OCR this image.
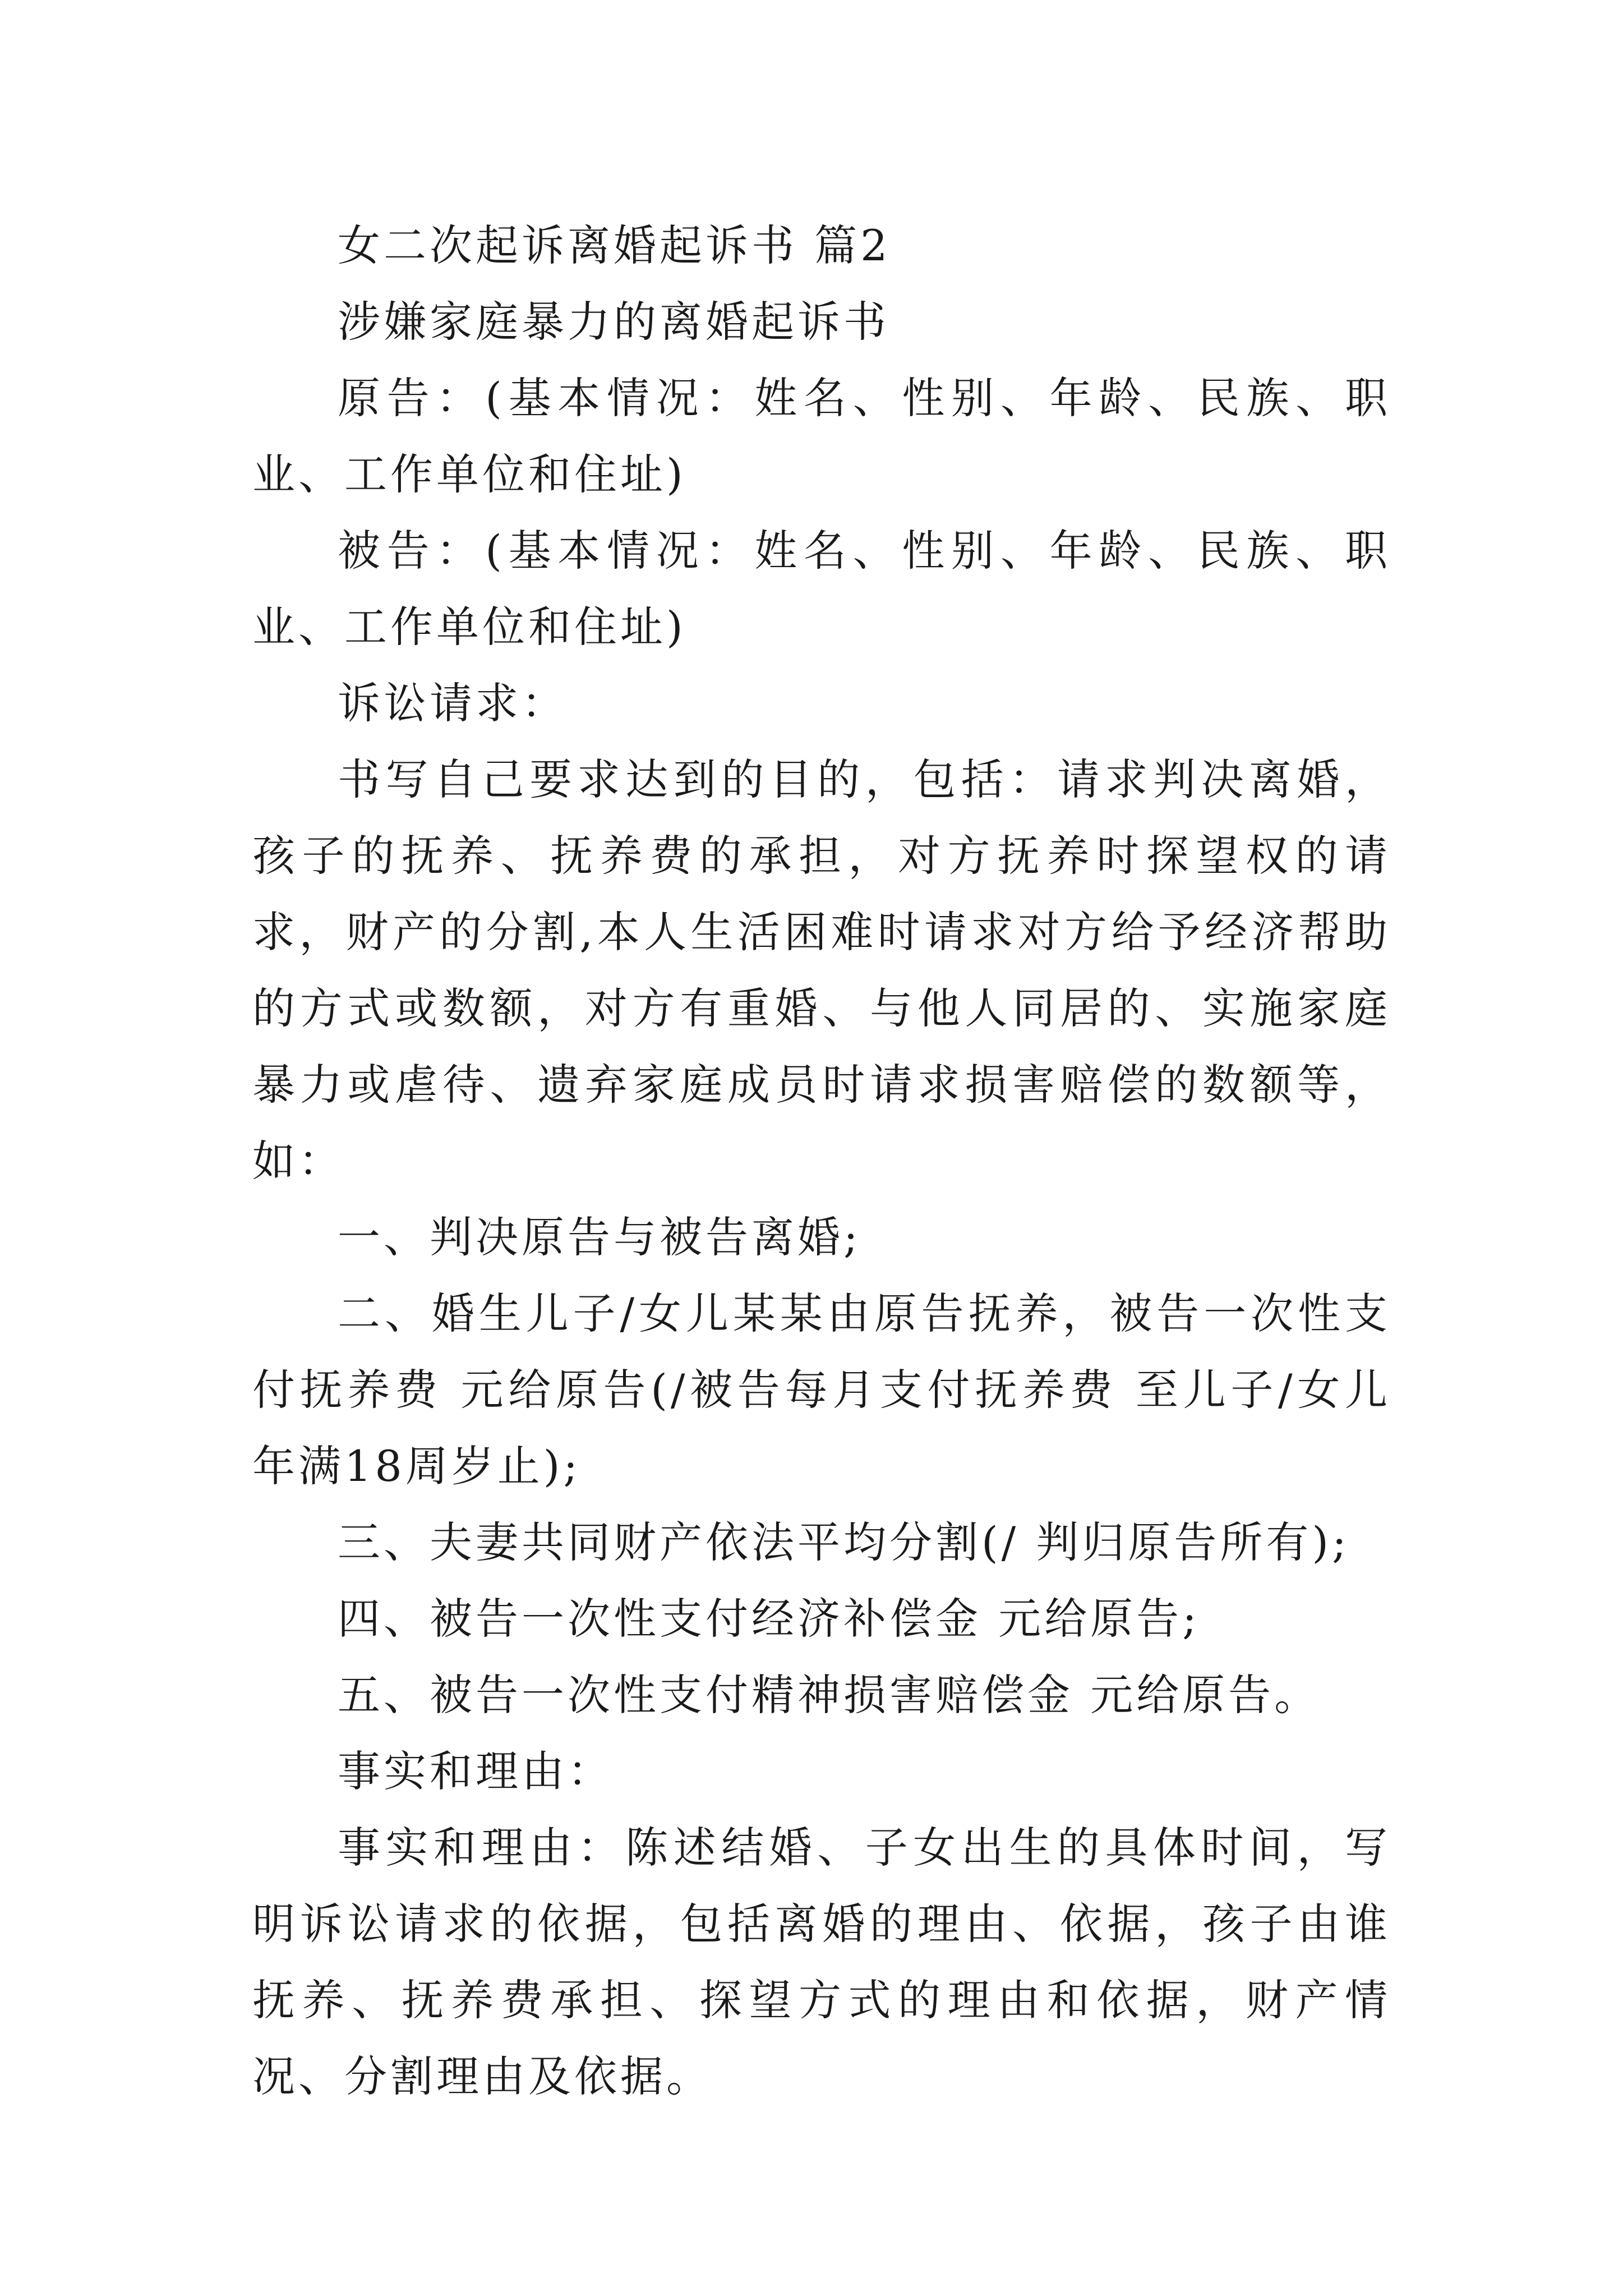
女二次起诉离婚起诉书 篇2

涉嫌家庭暴力的离婚起诉书

原告：(基本情况：姓名、性别、年龄、民族、职业、工作单位和住址)

被告：(基本情况：姓名、性别、年龄、民族、职业、工作单位和住址)

诉讼请求：

书写自己要求达到的目的，包括：请求判决离婚，孩子的抚养、抚养费的承担，对方抚养时探望权的请求，财产的分割,本人生活困难时请求对方给予经济帮助的方式或数额，对方有重婚、与他人同居的、实施家庭暴力或虐待、遗弃家庭成员时请求损害赔偿的数额等，如：

一、判决原告与被告离婚;

二、婚生儿子/女儿某某由原告抚养，被告一次性支付抚养费 元给原告(/被告每月支付抚养费 至儿子/女儿年满18周岁止);

三、夫妻共同财产依法平均分割(/ 判归原告所有);

四、被告一次性支付经济补偿金 元给原告;

五、被告一次性支付精神损害赔偿金 元给原告。

事实和理由：

事实和理由：陈述结婚、子女出生的具体时间，写明诉讼请求的依据，包括离婚的理由、依据，孩子由谁抚养、抚养费承担、探望方式的理由和依据，财产情况、分割理由及依据。
